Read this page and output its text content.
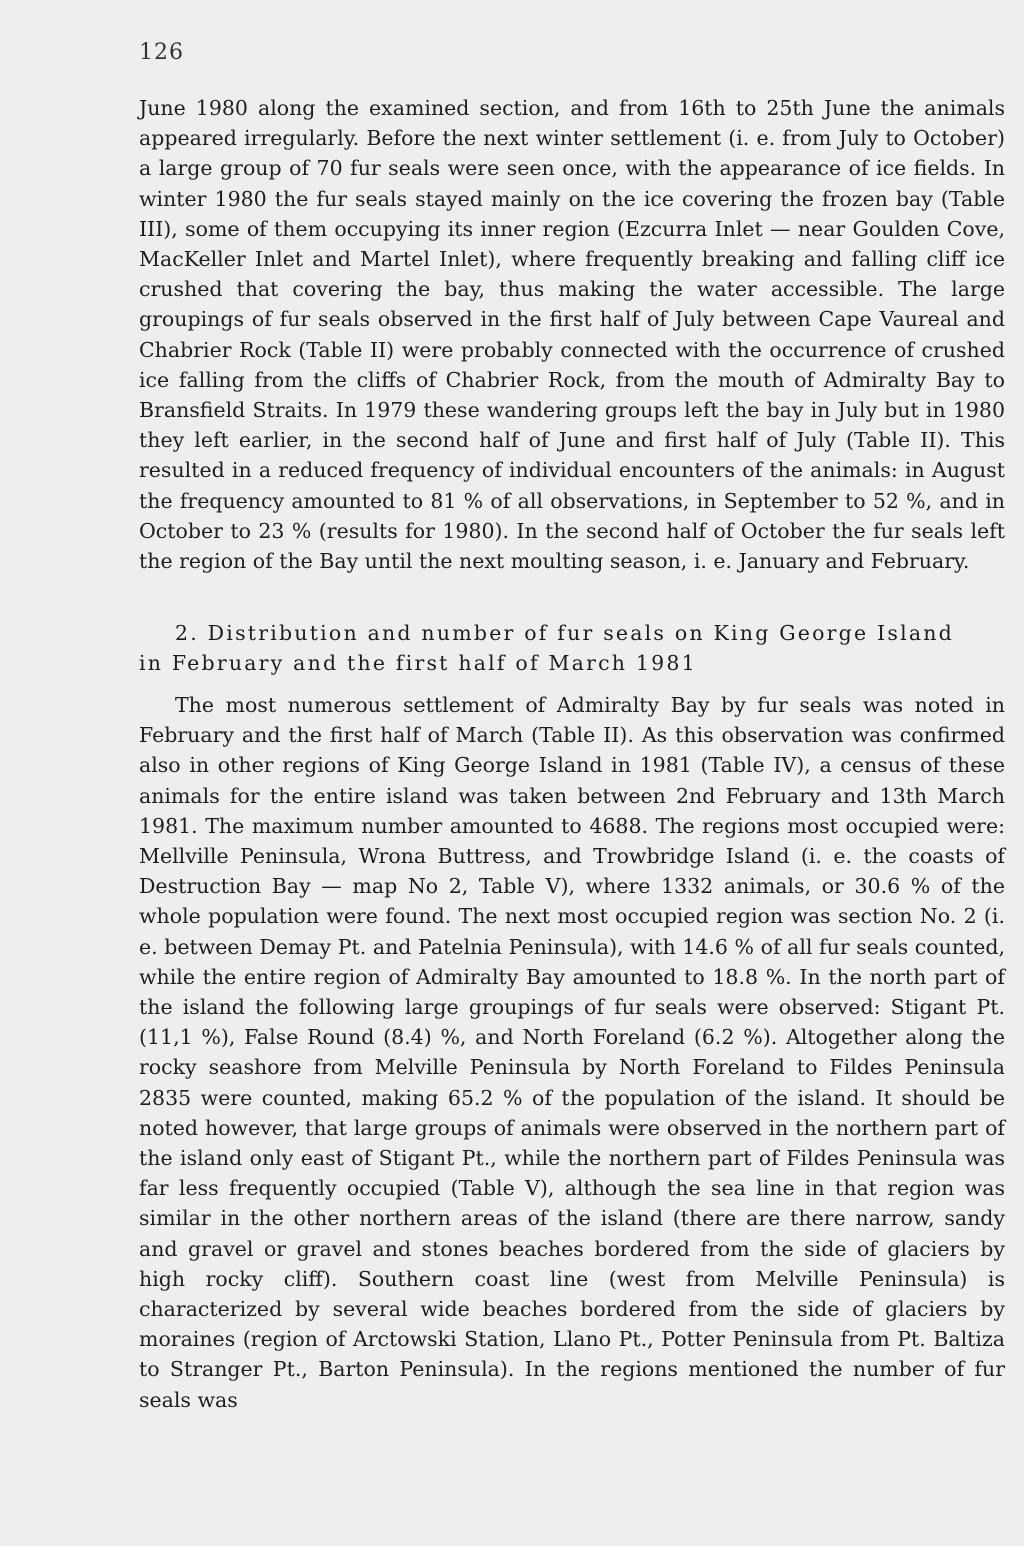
126

June 1980 along the examined section, and from 16th to 25th June the animals appeared irregularly. Before the next winter settlement (i. e. from July to October) a large group of 70 fur seals were seen once, with the appearance of ice fields. In winter 1980 the fur seals stayed mainly on the ice covering the frozen bay (Table III), some of them occupying its inner region (Ezcurra Inlet — near Goulden Cove, MacKeller Inlet and Martel Inlet), where frequently breaking and falling cliff ice crushed that covering the bay, thus making the water accessible. The large groupings of fur seals observed in the first half of July between Cape Vaureal and Chabrier Rock (Table II) were probably connected with the occurrence of crushed ice falling from the cliffs of Chabrier Rock, from the mouth of Admiralty Bay to Bransfield Straits. In 1979 these wandering groups left the bay in July but in 1980 they left earlier, in the second half of June and first half of July (Table II). This resulted in a reduced frequency of individual encounters of the animals: in August the frequency amounted to 81 % of all observations, in September to 52 %, and in October to 23 % (results for 1980). In the second half of October the fur seals left the region of the Bay until the next moulting season, i. e. January and February.

2. Distribution and number of fur seals on King George Island
in February and the first half of March 1981

The most numerous settlement of Admiralty Bay by fur seals was noted in February and the first half of March (Table II). As this observation was confirmed also in other regions of King George Island in 1981 (Table IV), a census of these animals for the entire island was taken between 2nd February and 13th March 1981. The maximum number amounted to 4688. The regions most occupied were: Mellville Peninsula, Wrona Buttress, and Trowbridge Island (i. e. the coasts of Destruction Bay — map No 2, Table V), where 1332 animals, or 30.6 % of the whole population were found. The next most occupied region was section No. 2 (i. e. between Demay Pt. and Patelnia Peninsula), with 14.6 % of all fur seals counted, while the entire region of Admiralty Bay amounted to 18.8 %. In the north part of the island the following large groupings of fur seals were observed: Stigant Pt. (11,1 %), False Round (8.4) %, and North Foreland (6.2 %). Altogether along the rocky seashore from Melville Peninsula by North Foreland to Fildes Peninsula 2835 were counted, making 65.2 % of the population of the island. It should be noted however, that large groups of animals were observed in the northern part of the island only east of Stigant Pt., while the northern part of Fildes Peninsula was far less frequently occupied (Table V), although the sea line in that region was similar in the other northern areas of the island (there are there narrow, sandy and gravel or gravel and stones beaches bordered from the side of glaciers by high rocky cliff). Southern coast line (west from Melville Peninsula) is characterized by several wide beaches bordered from the side of glaciers by moraines (region of Arctowski Station, Llano Pt., Potter Peninsula from Pt. Baltiza to Stranger Pt., Barton Peninsula). In the regions mentioned the number of fur seals was
